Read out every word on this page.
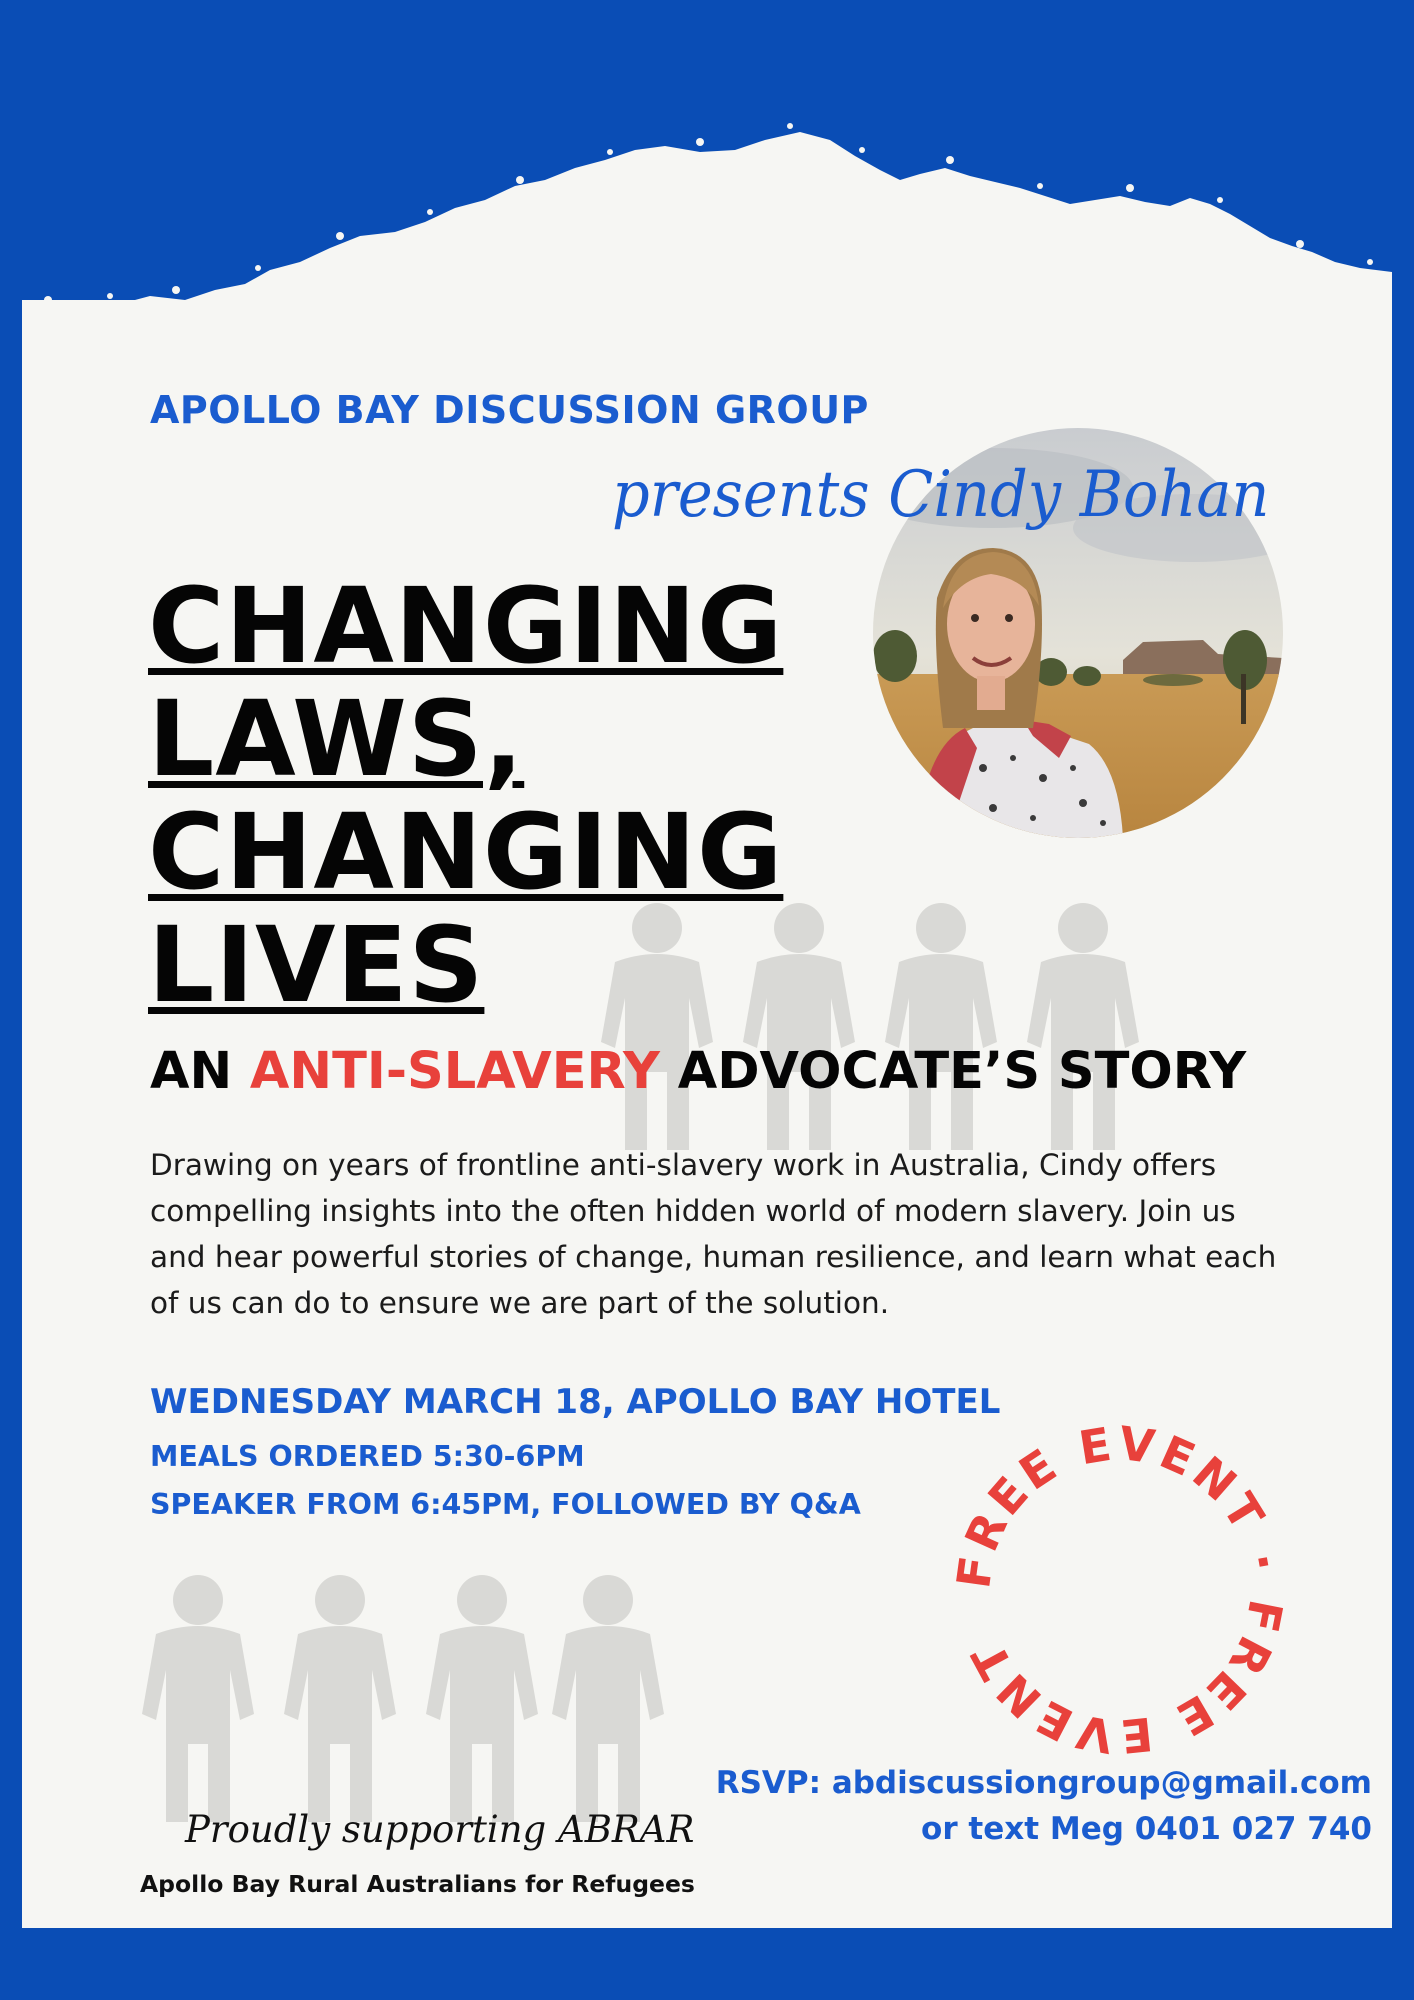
APOLLO BAY DISCUSSION GROUP
presents Cindy Bohan
CHANGING
LAWS,
CHANGING
LIVES
AN ANTI-SLAVERY ADVOCATE’S STORY

Drawing on years of frontline anti-slavery work in Australia, Cindy offers compelling insights into the often hidden world of modern slavery. Join us and hear powerful stories of change, human resilience, and learn what each of us can do to ensure we are part of the solution.

WEDNESDAY MARCH 18, APOLLO BAY HOTEL
MEALS ORDERED 5:30-6PM
SPEAKER FROM 6:45PM, FOLLOWED BY Q&A
FREE EVENT · FREE EVENT
RSVP: abdiscussiongroup@gmail.com
or text Meg 0401 027 740
Proudly supporting ABRAR
Apollo Bay Rural Australians for Refugees
